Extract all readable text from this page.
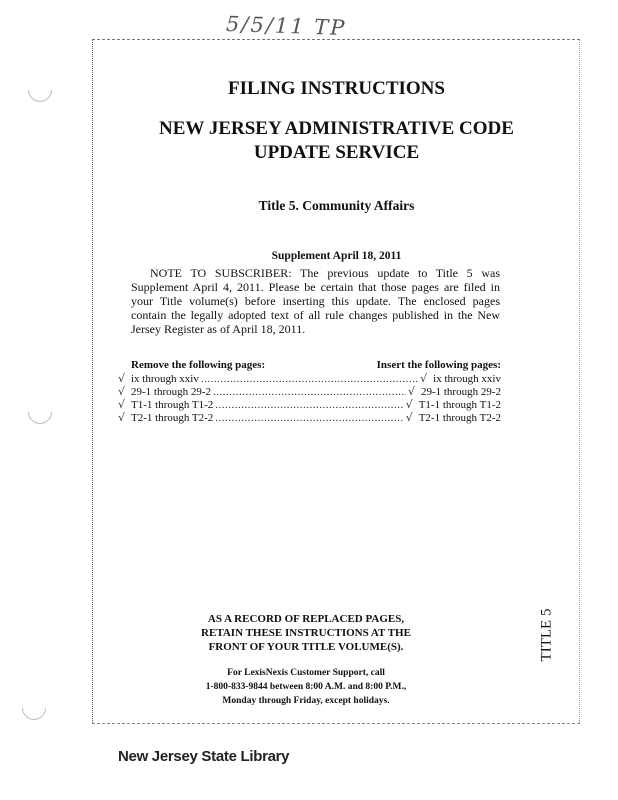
5/5/11 TP
FILING INSTRUCTIONS
NEW JERSEY ADMINISTRATIVE CODE
UPDATE SERVICE
Title 5. Community Affairs
Supplement April 18, 2011

NOTE TO SUBSCRIBER: The previous update to Title 5 was Supplement April 4, 2011. Please be certain that those pages are filed in your Title volume(s) before inserting this update. The enclosed pages contain the legally adopted text of all rule changes published in the New Jersey Register as of April 18, 2011.

Remove the following pages:	Insert the following pages:
√ ix through xxiv .....	√ ix through xxiv
√ 29-1 through 29-2 .....	√ 29-1 through 29-2
√ T1-1 through T1-2 .....	√ T1-1 through T1-2
√ T2-1 through T2-2 .....	√ T2-1 through T2-2

AS A RECORD OF REPLACED PAGES,

RETAIN THESE INSTRUCTIONS AT THE

FRONT OF YOUR TITLE VOLUME(S).

For LexisNexis Customer Support, call

1-800-833-9844 between 8:00 A.M. and 8:00 P.M.,

Monday through Friday, except holidays.

TITLE 5
New Jersey State Library
